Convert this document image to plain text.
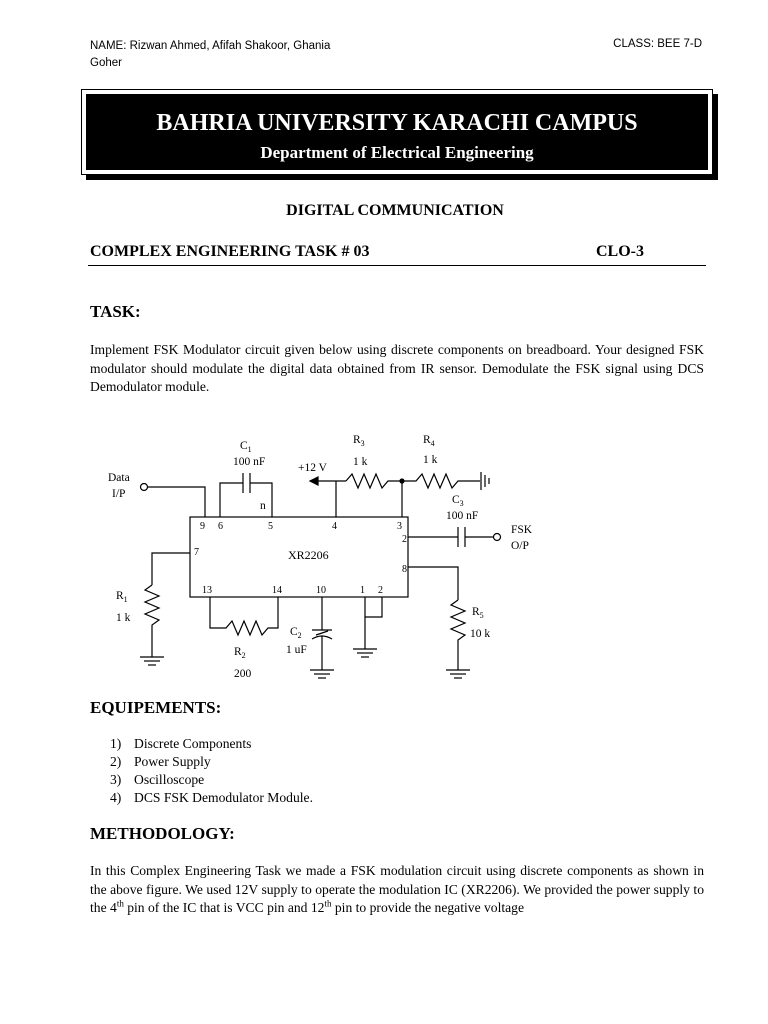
NAME: Rizwan Ahmed, Afifah Shakoor, Ghania
Goher
CLASS: BEE 7-D
BAHRIA UNIVERSITY KARACHI CAMPUS
Department of Electrical Engineering
DIGITAL COMMUNICATION
COMPLEX ENGINEERING TASK # 03	CLO-3
TASK:
Implement FSK Modulator circuit given below using discrete components on breadboard. Your designed FSK modulator should modulate the digital data obtained from IR sensor. Demodulate the FSK signal using DCS Demodulator module.
$C_1$
100 nF
n
+12 V
$R_3$
1 k
$R_4$
1 k
$C_3$
100 nF
FSK
O/P
Data
I/P
XR2206
9 6	5	4	3
2
7
8
13	14	10	1 2
$R_1$
1 k
$R_2$
200
$C_2$
1 uF
$R_5$
10 k
EQUIPEMENTS:
1) Discrete Components
2) Power Supply
3) Oscilloscope
4) DCS FSK Demodulator Module.
METHODOLOGY:
In this Complex Engineering Task we made a FSK modulation circuit using discrete components as shown in the above figure. We used 12V supply to operate the modulation IC (XR2206). We provided the power supply to the 4th pin of the IC that is VCC pin and 12th pin to provide the negative voltage
